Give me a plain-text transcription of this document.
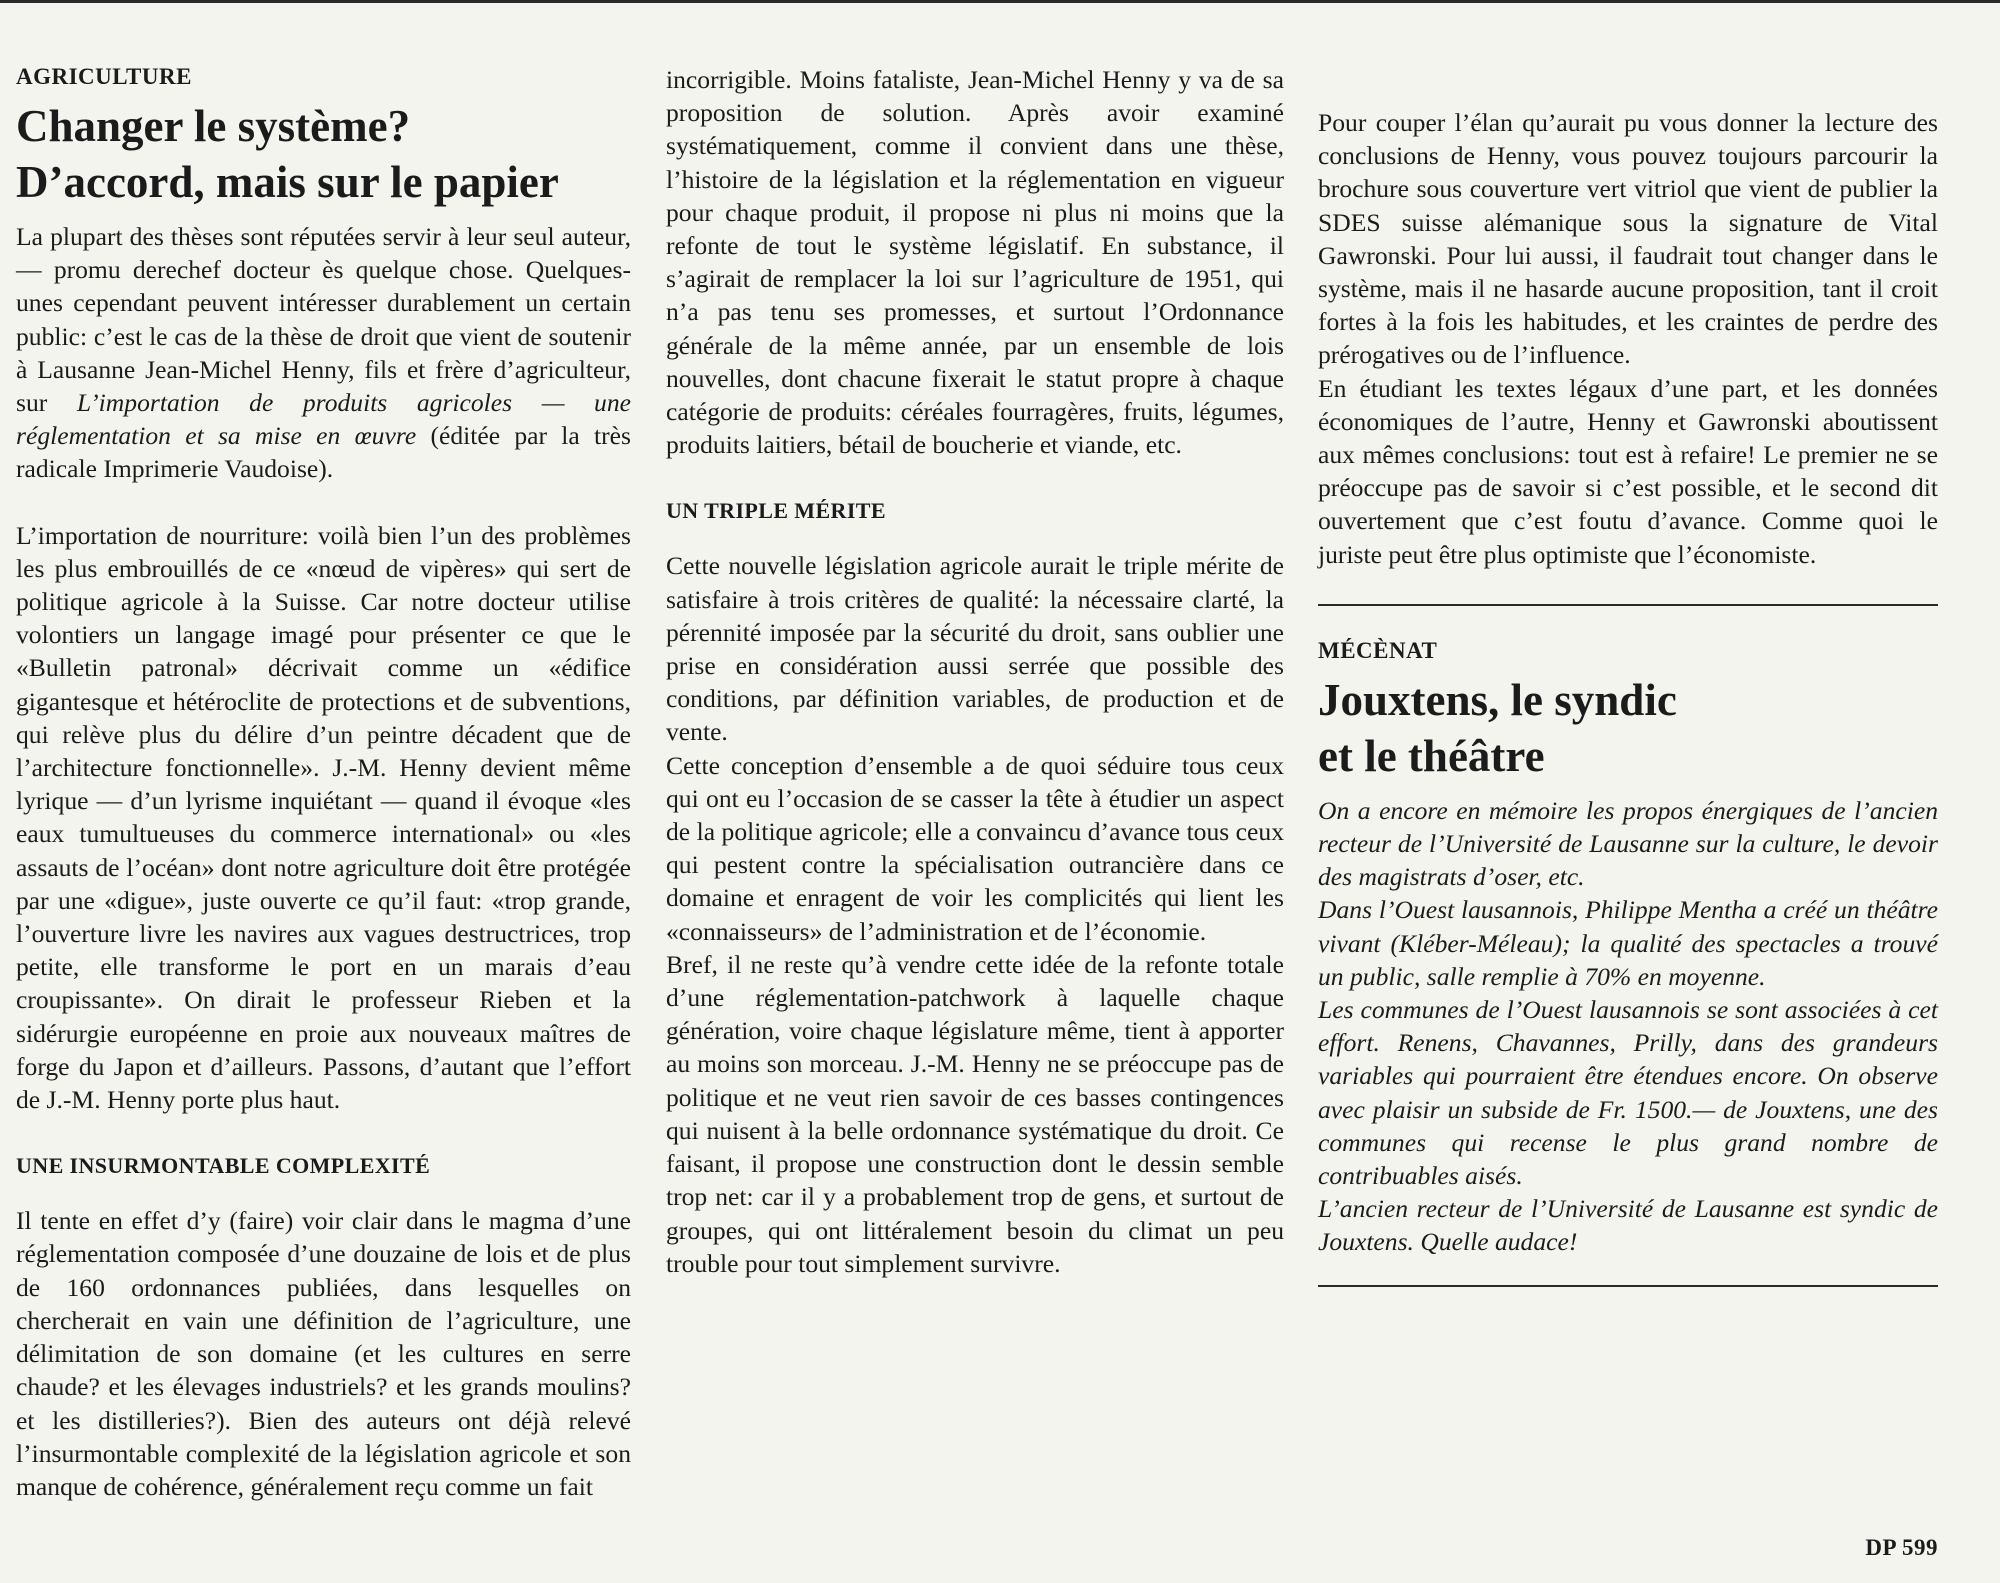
AGRICULTURE

Changer le système?
D’accord, mais sur le papier

La plupart des thèses sont réputées servir à leur seul auteur, — promu derechef docteur ès quelque chose. Quelques-unes cependant peuvent intéresser durablement un certain public: c’est le cas de la thèse de droit que vient de soutenir à Lausanne Jean-Michel Henny, fils et frère d’agriculteur, sur L’importation de produits agricoles — une réglementation et sa mise en œuvre (éditée par la très radicale Imprimerie Vaudoise).

L’importation de nourriture: voilà bien l’un des problèmes les plus embrouillés de ce «nœud de vipères» qui sert de politique agricole à la Suisse. Car notre docteur utilise volontiers un langage imagé pour présenter ce que le «Bulletin patronal» décrivait comme un «édifice gigantesque et hétéroclite de protections et de subventions, qui relève plus du délire d’un peintre décadent que de l’architecture fonctionnelle». J.-M. Henny devient même lyrique — d’un lyrisme inquiétant — quand il évoque «les eaux tumultueuses du commerce international» ou «les assauts de l’océan» dont notre agriculture doit être protégée par une «digue», juste ouverte ce qu’il faut: «trop grande, l’ouverture livre les navires aux vagues destructrices, trop petite, elle transforme le port en un marais d’eau croupissante». On dirait le professeur Rieben et la sidérurgie européenne en proie aux nouveaux maîtres de forge du Japon et d’ailleurs. Passons, d’autant que l’effort de J.-M. Henny porte plus haut.

UNE INSURMONTABLE COMPLEXITÉ

Il tente en effet d’y (faire) voir clair dans le magma d’une réglementation composée d’une douzaine de lois et de plus de 160 ordonnances publiées, dans lesquelles on chercherait en vain une définition de l’agriculture, une délimitation de son domaine (et les cultures en serre chaude? et les élevages industriels? et les grands moulins? et les distilleries?). Bien des auteurs ont déjà relevé l’insurmontable complexité de la législation agricole et son manque de cohérence, généralement reçu comme un fait

incorrigible. Moins fataliste, Jean-Michel Henny y va de sa proposition de solution. Après avoir examiné systématiquement, comme il convient dans une thèse, l’histoire de la législation et la réglementation en vigueur pour chaque produit, il propose ni plus ni moins que la refonte de tout le système législatif. En substance, il s’agirait de remplacer la loi sur l’agriculture de 1951, qui n’a pas tenu ses promesses, et surtout l’Ordonnance générale de la même année, par un ensemble de lois nouvelles, dont chacune fixerait le statut propre à chaque catégorie de produits: céréales fourragères, fruits, légumes, produits laitiers, bétail de boucherie et viande, etc.

UN TRIPLE MÉRITE

Cette nouvelle législation agricole aurait le triple mérite de satisfaire à trois critères de qualité: la nécessaire clarté, la pérennité imposée par la sécurité du droit, sans oublier une prise en considération aussi serrée que possible des conditions, par définition variables, de production et de vente.

Cette conception d’ensemble a de quoi séduire tous ceux qui ont eu l’occasion de se casser la tête à étudier un aspect de la politique agricole; elle a convaincu d’avance tous ceux qui pestent contre la spécialisation outrancière dans ce domaine et enragent de voir les complicités qui lient les «connaisseurs» de l’administration et de l’économie.

Bref, il ne reste qu’à vendre cette idée de la refonte totale d’une réglementation-patchwork à laquelle chaque génération, voire chaque législature même, tient à apporter au moins son morceau. J.-M. Henny ne se préoccupe pas de politique et ne veut rien savoir de ces basses contingences qui nuisent à la belle ordonnance systématique du droit. Ce faisant, il propose une construction dont le dessin semble trop net: car il y a probablement trop de gens, et surtout de groupes, qui ont littéralement besoin du climat un peu trouble pour tout simplement survivre.

Pour couper l’élan qu’aurait pu vous donner la lecture des conclusions de Henny, vous pouvez toujours parcourir la brochure sous couverture vert vitriol que vient de publier la SDES suisse alémanique sous la signature de Vital Gawronski. Pour lui aussi, il faudrait tout changer dans le système, mais il ne hasarde aucune proposition, tant il croit fortes à la fois les habitudes, et les craintes de perdre des prérogatives ou de l’influence.

En étudiant les textes légaux d’une part, et les données économiques de l’autre, Henny et Gawronski aboutissent aux mêmes conclusions: tout est à refaire! Le premier ne se préoccupe pas de savoir si c’est possible, et le second dit ouvertement que c’est foutu d’avance. Comme quoi le juriste peut être plus optimiste que l’économiste.

MÉCÈNAT

Jouxtens, le syndic
et le théâtre

On a encore en mémoire les propos énergiques de l’ancien recteur de l’Université de Lausanne sur la culture, le devoir des magistrats d’oser, etc.

Dans l’Ouest lausannois, Philippe Mentha a créé un théâtre vivant (Kléber-Méleau); la qualité des spectacles a trouvé un public, salle remplie à 70% en moyenne.

Les communes de l’Ouest lausannois se sont associées à cet effort. Renens, Chavannes, Prilly, dans des grandeurs variables qui pourraient être étendues encore. On observe avec plaisir un subside de Fr. 1500.— de Jouxtens, une des communes qui recense le plus grand nombre de contribuables aisés.

L’ancien recteur de l’Université de Lausanne est syndic de Jouxtens. Quelle audace!

DP 599
